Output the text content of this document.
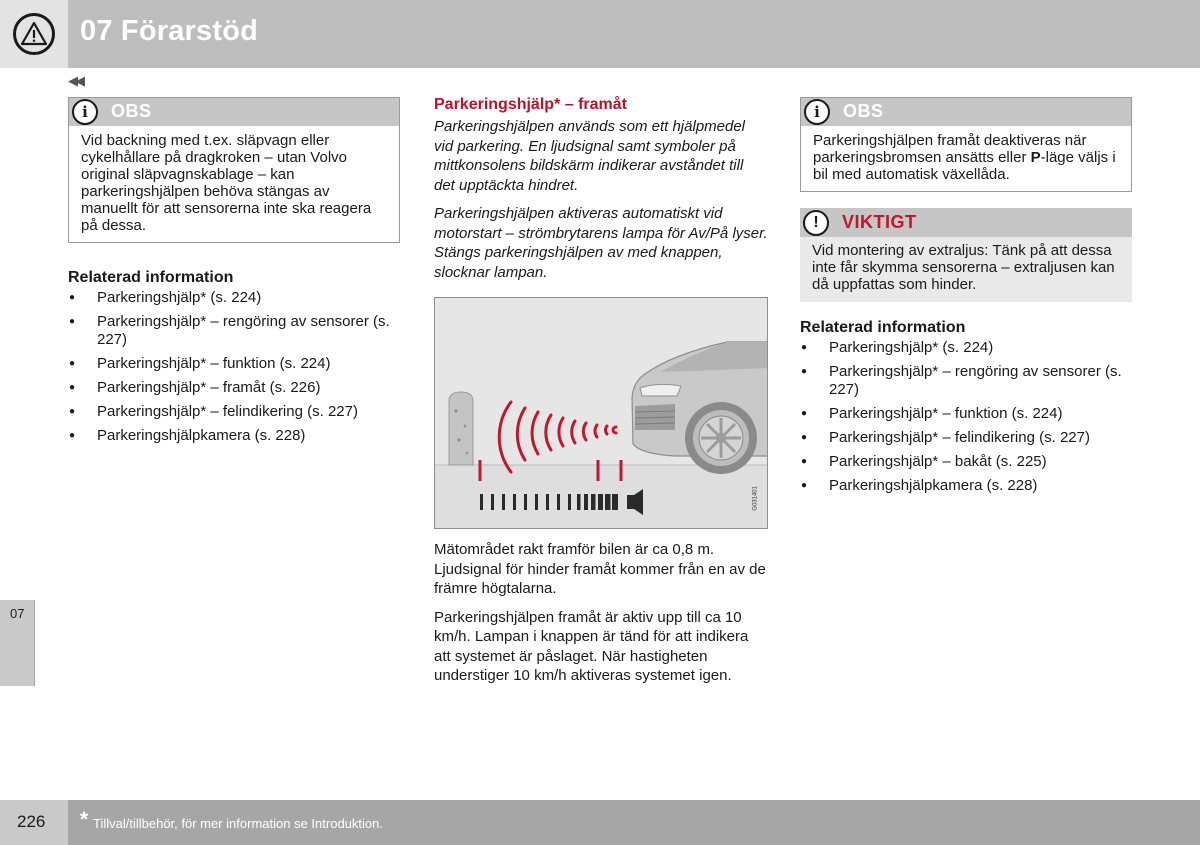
07 Förarstöd
◀◀
07
i	OBS
Vid backning med t.ex. släpvagn eller cykelhållare på dragkroken – utan Volvo original släpvagnskablage – kan parkeringshjälpen behöva stängas av manuellt för att sensorerna inte ska reagera på dessa.
Relaterad information
● Parkeringshjälp* (s. 224)
● Parkeringshjälp* – rengöring av sensorer (s. 227)
● Parkeringshjälp* – funktion (s. 224)
● Parkeringshjälp* – framåt (s. 226)
● Parkeringshjälp* – felindikering (s. 227)
● Parkeringshjälpkamera (s. 228)
Parkeringshjälp* – framåt

Parkeringshjälpen används som ett hjälpmedel vid parkering. En ljudsignal samt symboler på mittkonsolens bildskärm indikerar avståndet till det upptäckta hindret.

Parkeringshjälpen aktiveras automatiskt vid motorstart – strömbrytarens lampa för Av/På lyser. Stängs parkeringshjälpen av med knappen, slocknar lampan.

G031401

Mätområdet rakt framför bilen är ca 0,8 m. Ljudsignal för hinder framåt kommer från en av de främre högtalarna.

Parkeringshjälpen framåt är aktiv upp till ca 10 km/h. Lampan i knappen är tänd för att indikera att systemet är påslaget. När hastigheten understiger 10 km/h aktiveras systemet igen.

i	OBS
Parkeringshjälpen framåt deaktiveras när parkeringsbromsen ansätts eller P-läge väljs i bil med automatisk växellåda.
!	VIKTIGT
Vid montering av extraljus: Tänk på att dessa inte får skymma sensorerna – extraljusen kan då uppfattas som hinder.
Relaterad information
● Parkeringshjälp* (s. 224)
● Parkeringshjälp* – rengöring av sensorer (s. 227)
● Parkeringshjälp* – funktion (s. 224)
● Parkeringshjälp* – felindikering (s. 227)
● Parkeringshjälp* – bakåt (s. 225)
● Parkeringshjälpkamera (s. 228)
226 * Tillval/tillbehör, för mer information se Introduktion.
